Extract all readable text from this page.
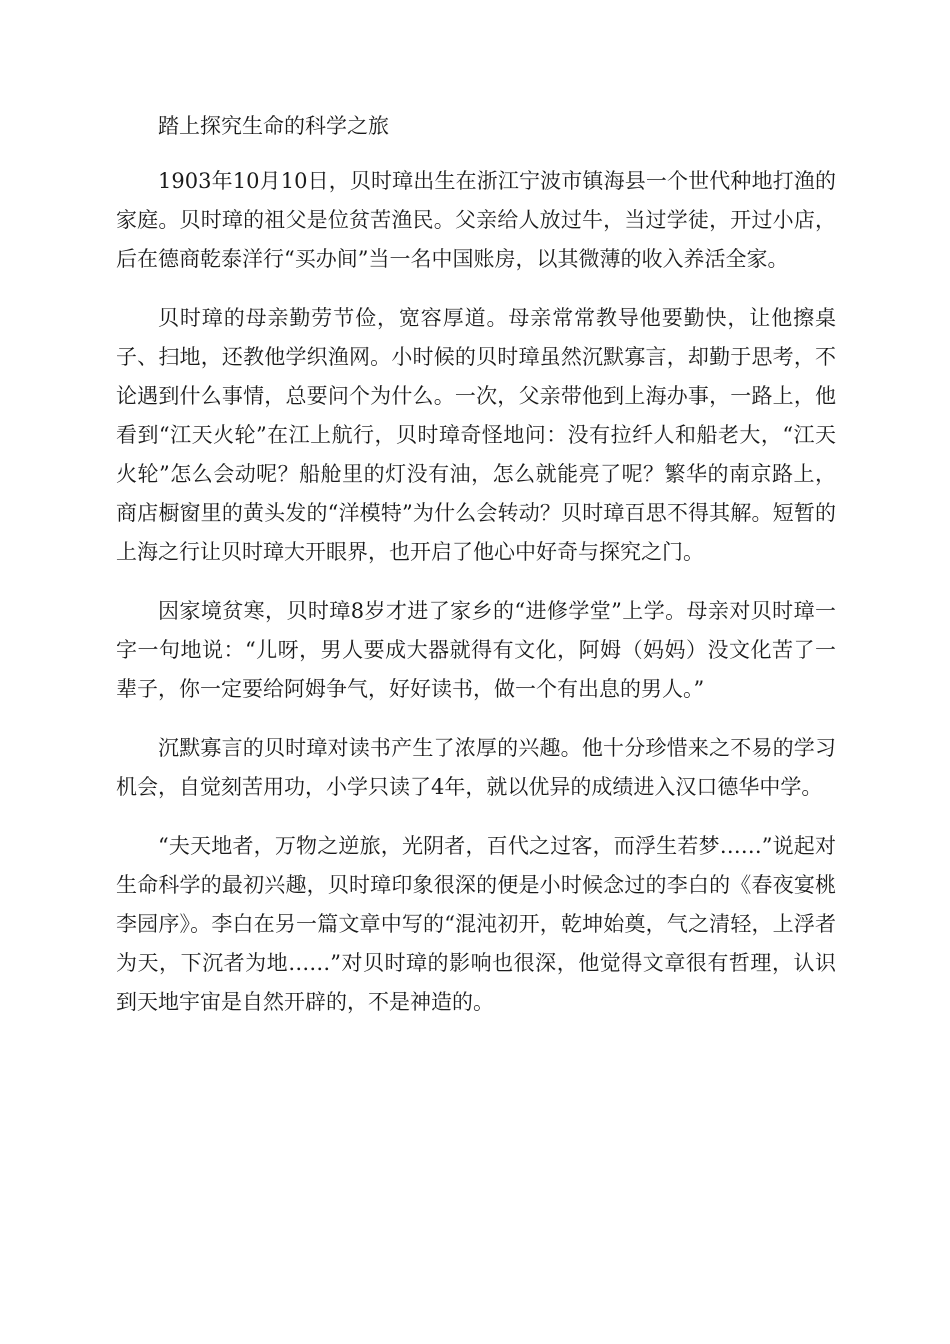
踏上探究生命的科学之旅

1903年10月10日，贝时璋出生在浙江宁波市镇海县一个世代种地打渔的家庭。贝时璋的祖父是位贫苦渔民。父亲给人放过牛，当过学徒，开过小店，后在德商乾泰洋行“买办间”当一名中国账房，以其微薄的收入养活全家。

贝时璋的母亲勤劳节俭，宽容厚道。母亲常常教导他要勤快，让他擦桌子、扫地，还教他学织渔网。小时候的贝时璋虽然沉默寡言，却勤于思考，不论遇到什么事情，总要问个为什么。一次，父亲带他到上海办事，一路上，他看到“江天火轮”在江上航行，贝时璋奇怪地问：没有拉纤人和船老大，“江天火轮”怎么会动呢？船舱里的灯没有油，怎么就能亮了呢？繁华的南京路上，商店橱窗里的黄头发的“洋模特”为什么会转动？贝时璋百思不得其解。短暂的上海之行让贝时璋大开眼界，也开启了他心中好奇与探究之门。

因家境贫寒，贝时璋8岁才进了家乡的“进修学堂”上学。母亲对贝时璋一字一句地说：“儿呀，男人要成大器就得有文化，阿姆（妈妈）没文化苦了一辈子，你一定要给阿姆争气，好好读书，做一个有出息的男人。”

沉默寡言的贝时璋对读书产生了浓厚的兴趣。他十分珍惜来之不易的学习机会，自觉刻苦用功，小学只读了4年，就以优异的成绩进入汉口德华中学。

“夫天地者，万物之逆旅，光阴者，百代之过客，而浮生若梦……”说起对生命科学的最初兴趣，贝时璋印象很深的便是小时候念过的李白的《春夜宴桃李园序》。李白在另一篇文章中写的“混沌初开，乾坤始奠，气之清轻，上浮者为天，下沉者为地……”对贝时璋的影响也很深，他觉得文章很有哲理，认识到天地宇宙是自然开辟的，不是神造的。
